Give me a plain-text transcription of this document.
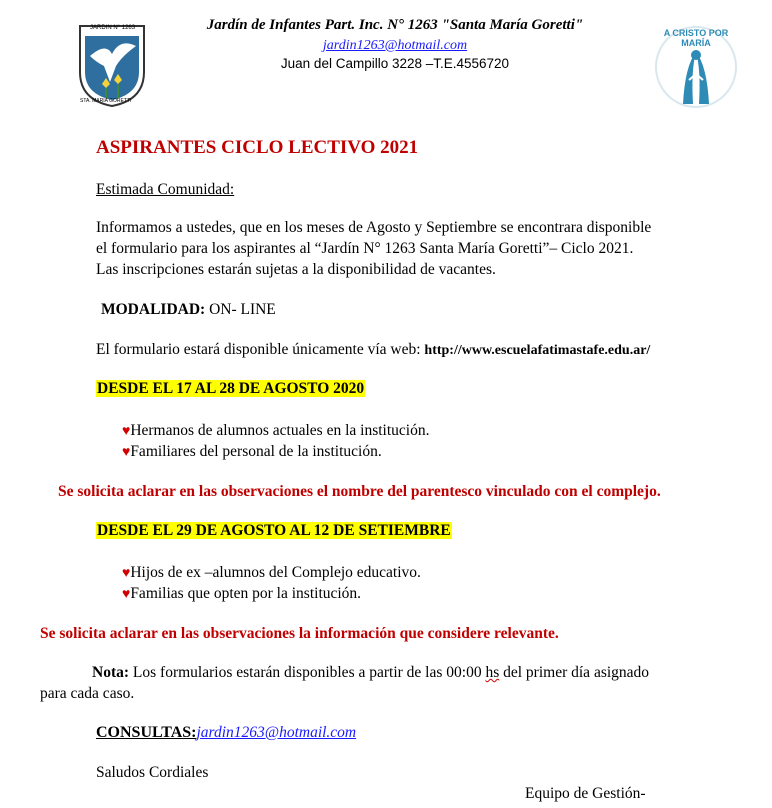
JARDIN N° 1263
STA. MARIA GORETTI
Jardín de Infantes Part. Inc. N° 1263 "Santa María Goretti"
jardin1263@hotmail.com
Juan del Campillo 3228 –T.E.4556720
A CRISTO POR MARÍA
ASPIRANTES CICLO LECTIVO 2021
Estimada Comunidad:
Informamos a ustedes, que en los meses de Agosto y Septiembre se encontrara disponible
el formulario para los aspirantes al “Jardín N° 1263 Santa María Goretti”– Ciclo 2021.
Las inscripciones estarán sujetas a la disponibilidad de vacantes.
MODALIDAD: ON- LINE
El formulario estará disponible únicamente vía web: http://www.escuelafatimastafe.edu.ar/
DESDE EL 17 AL 28 DE AGOSTO 2020
♥Hermanos de alumnos actuales en la institución.
♥Familiares del personal de la institución.
Se solicita aclarar en las observaciones el nombre del parentesco vinculado con el complejo.
DESDE EL 29 DE AGOSTO AL 12 DE SETIEMBRE
♥Hijos de ex –alumnos del Complejo educativo.
♥Familias que opten por la institución.
Se solicita aclarar en las observaciones la información que considere relevante.
Nota: Los formularios estarán disponibles a partir de las 00:00 hs del primer día asignado
para cada caso.
CONSULTAS:jardin1263@hotmail.com
Saludos Cordiales
Equipo de Gestión-
